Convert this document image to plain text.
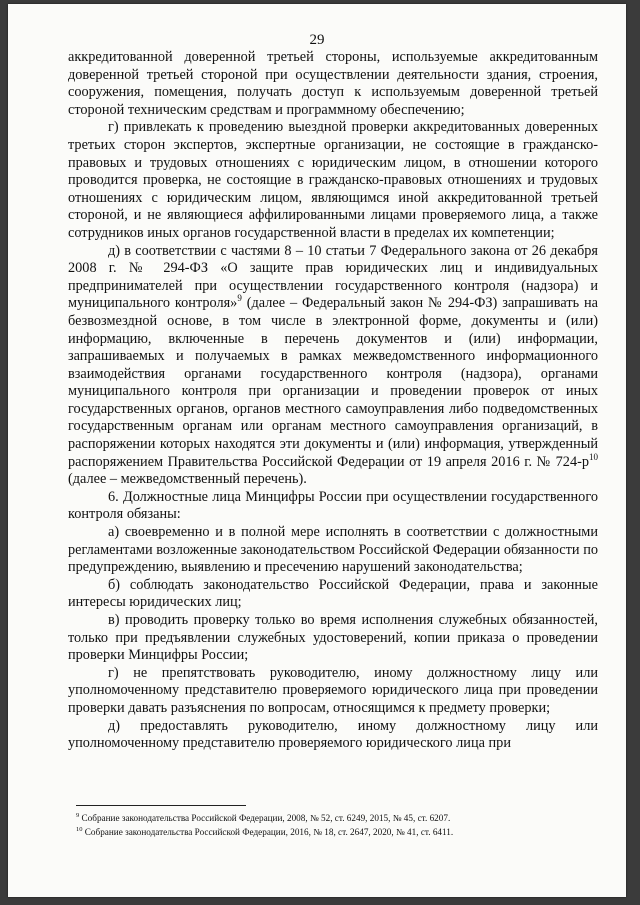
29

аккредитованной доверенной третьей стороны, используемые аккредитованным доверенной третьей стороной при осуществлении деятельности здания, строения, сооружения, помещения, получать доступ к используемым доверенной третьей стороной техническим средствам и программному обеспечению;

г) привлекать к проведению выездной проверки аккредитованных доверенных третьих сторон экспертов, экспертные организации, не состоящие в гражданско-правовых и трудовых отношениях с юридическим лицом, в отношении которого проводится проверка, не состоящие в гражданско-правовых отношениях и трудовых отношениях с юридическим лицом, являющимся иной аккредитованной третьей стороной, и не являющиеся аффилированными лицами проверяемого лица, а также сотрудников иных органов государственной власти в пределах их компетенции;

д) в соответствии с частями 8 – 10 статьи 7 Федерального закона от 26 декабря 2008 г. № 294-ФЗ «О защите прав юридических лиц и индивидуальных предпринимателей при осуществлении государственного контроля (надзора) и муниципального контроля»$^9$ (далее – Федеральный закон № 294-ФЗ) запрашивать на безвозмездной основе, в том числе в электронной форме, документы и (или) информацию, включенные в перечень документов и (или) информации, запрашиваемых и получаемых в рамках межведомственного информационного взаимодействия органами государственного контроля (надзора), органами муниципального контроля при организации и проведении проверок от иных государственных органов, органов местного самоуправления либо подведомственных государственным органам или органам местного самоуправления организаций, в распоряжении которых находятся эти документы и (или) информация, утвержденный распоряжением Правительства Российской Федерации от 19 апреля 2016 г. № $724-р^{10}$ (далее – межведомственный перечень).

6. Должностные лица Минцифры России при осуществлении государственного контроля обязаны:

а) своевременно и в полной мере исполнять в соответствии с должностными регламентами возложенные законодательством Российской Федерации обязанности по предупреждению, выявлению и пресечению нарушений законодательства;

б) соблюдать законодательство Российской Федерации, права и законные интересы юридических лиц;

в) проводить проверку только во время исполнения служебных обязанностей, только при предъявлении служебных удостоверений, копии приказа о проведении проверки Минцифры России;

г) не препятствовать руководителю, иному должностному лицу или уполномоченному представителю проверяемого юридического лица при проведении проверки давать разъяснения по вопросам, относящимся к предмету проверки;

д) предоставлять руководителю, иному должностному лицу или уполномоченному представителю проверяемого юридического лица при

$^9$ Собрание законодательства Российской Федерации, 2008, № 52, ст. 6249, 2015, № 45, ст. 6207.
$^{10}$ Собрание законодательства Российской Федерации, 2016, № 18, ст. 2647, 2020, № 41, ст. 6411.
